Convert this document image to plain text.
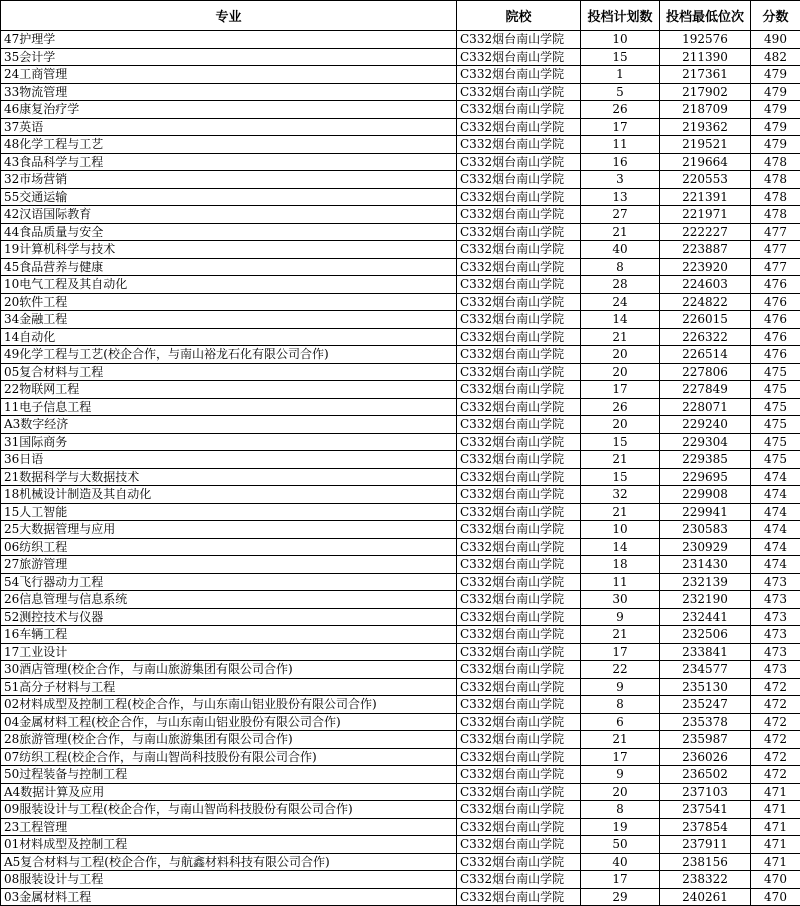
专业	院校	投档计划数	投档最低位次	分数
47护理学	C332烟台南山学院	10	192576	490
35会计学	C332烟台南山学院	15	211390	482
24工商管理	C332烟台南山学院	1	217361	479
33物流管理	C332烟台南山学院	5	217902	479
46康复治疗学	C332烟台南山学院	26	218709	479
37英语	C332烟台南山学院	17	219362	479
48化学工程与工艺	C332烟台南山学院	11	219521	479
43食品科学与工程	C332烟台南山学院	16	219664	478
32市场营销	C332烟台南山学院	3	220553	478
55交通运输	C332烟台南山学院	13	221391	478
42汉语国际教育	C332烟台南山学院	27	221971	478
44食品质量与安全	C332烟台南山学院	21	222227	477
19计算机科学与技术	C332烟台南山学院	40	223887	477
45食品营养与健康	C332烟台南山学院	8	223920	477
10电气工程及其自动化	C332烟台南山学院	28	224603	476
20软件工程	C332烟台南山学院	24	224822	476
34金融工程	C332烟台南山学院	14	226015	476
14自动化	C332烟台南山学院	21	226322	476
49化学工程与工艺(校企合作，与南山裕龙石化有限公司合作)	C332烟台南山学院	20	226514	476
05复合材料与工程	C332烟台南山学院	20	227806	475
22物联网工程	C332烟台南山学院	17	227849	475
11电子信息工程	C332烟台南山学院	26	228071	475
A3数字经济	C332烟台南山学院	20	229240	475
31国际商务	C332烟台南山学院	15	229304	475
36日语	C332烟台南山学院	21	229385	475
21数据科学与大数据技术	C332烟台南山学院	15	229695	474
18机械设计制造及其自动化	C332烟台南山学院	32	229908	474
15人工智能	C332烟台南山学院	21	229941	474
25大数据管理与应用	C332烟台南山学院	10	230583	474
06纺织工程	C332烟台南山学院	14	230929	474
27旅游管理	C332烟台南山学院	18	231430	474
54飞行器动力工程	C332烟台南山学院	11	232139	473
26信息管理与信息系统	C332烟台南山学院	30	232190	473
52测控技术与仪器	C332烟台南山学院	9	232441	473
16车辆工程	C332烟台南山学院	21	232506	473
17工业设计	C332烟台南山学院	17	233841	473
30酒店管理(校企合作，与南山旅游集团有限公司合作)	C332烟台南山学院	22	234577	473
51高分子材料与工程	C332烟台南山学院	9	235130	472
02材料成型及控制工程(校企合作，与山东南山铝业股份有限公司合作)	C332烟台南山学院	8	235247	472
04金属材料工程(校企合作，与山东南山铝业股份有限公司合作)	C332烟台南山学院	6	235378	472
28旅游管理(校企合作，与南山旅游集团有限公司合作)	C332烟台南山学院	21	235987	472
07纺织工程(校企合作，与南山智尚科技股份有限公司合作)	C332烟台南山学院	17	236026	472
50过程装备与控制工程	C332烟台南山学院	9	236502	472
A4数据计算及应用	C332烟台南山学院	20	237103	471
09服装设计与工程(校企合作，与南山智尚科技股份有限公司合作)	C332烟台南山学院	8	237541	471
23工程管理	C332烟台南山学院	19	237854	471
01材料成型及控制工程	C332烟台南山学院	50	237911	471
A5复合材料与工程(校企合作，与航鑫材料科技有限公司合作)	C332烟台南山学院	40	238156	471
08服装设计与工程	C332烟台南山学院	17	238322	470
03金属材料工程	C332烟台南山学院	29	240261	470
